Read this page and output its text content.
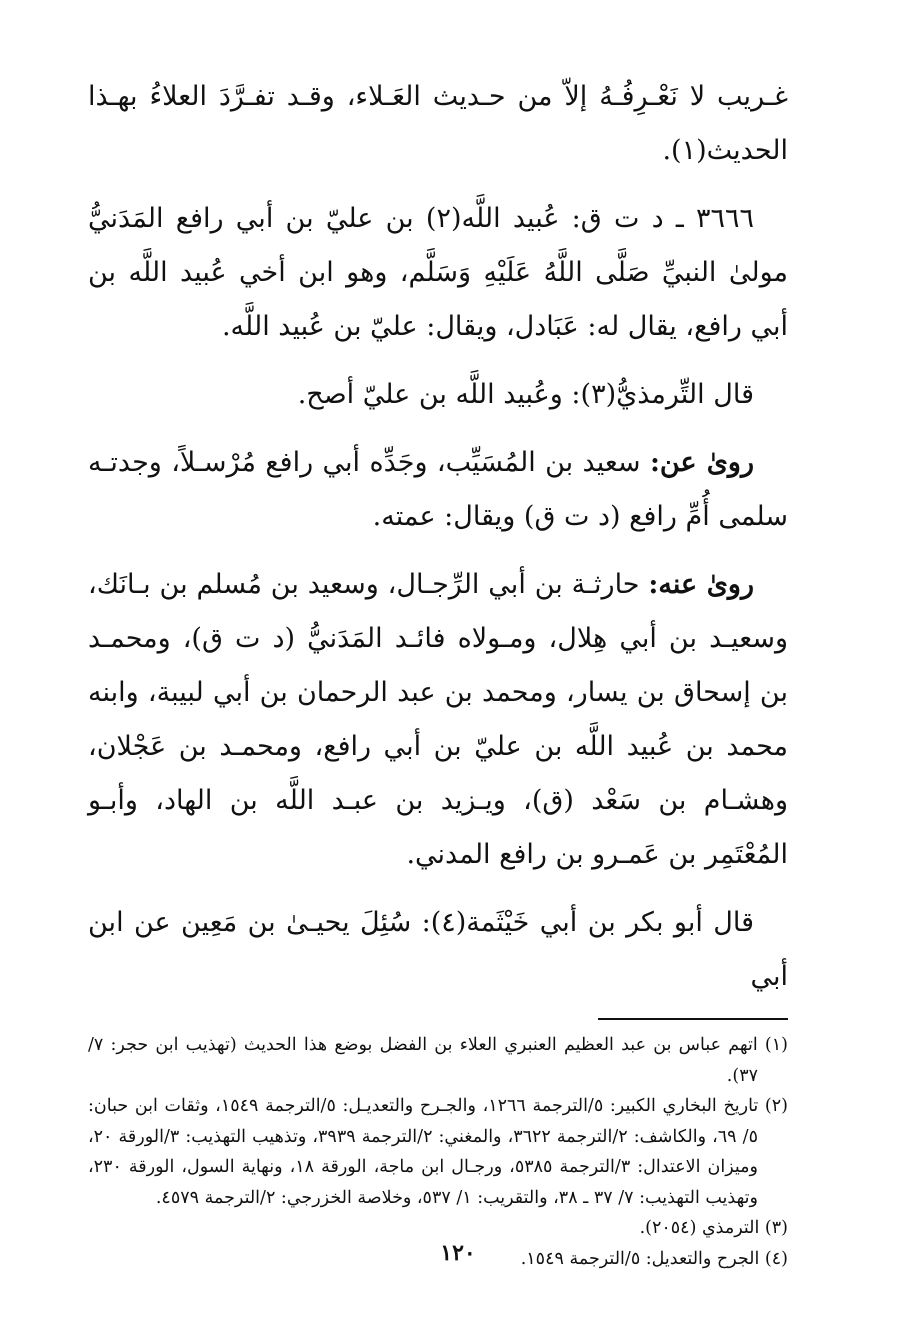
غـريب لا نَعْـرِفُـهُ إلاّ من حـديث العَـلاء، وقـد تفـرَّدَ العلاءُ بهـذا الحديث(١).

٣٦٦٦ ـ د ت ق: عُبيد اللَّه(٢) بن عليّ بن أبي رافع المَدَنيُّ مولىٰ النبيِّ صَلَّى اللَّهُ عَلَيْهِ وَسَلَّم، وهو ابن أخي عُبيد اللَّه بن أبي رافع، يقال له: عَبَادل، ويقال: عليّ بن عُبيد اللَّه.

قال التِّرمذيُّ(٣): وعُبيد اللَّه بن عليّ أصح.

روىٰ عن: سعيد بن المُسَيِّب، وجَدِّه أبي رافع مُرْسـلاً، وجدتـه سلمى أُمِّ رافع (د ت ق) ويقال: عمته.

روىٰ عنه: حارثـة بن أبي الرِّجـال، وسعيد بن مُسلم بن بـانَك، وسعيـد بن أبي هِلال، ومـولاه فائـد المَدَنيُّ (د ت ق)، ومحمـد بن إسحاق بن يسار، ومحمد بن عبد الرحمان بن أبي لبيبة، وابنه محمد بن عُبيد اللَّه بن عليّ بن أبي رافع، ومحمـد بن عَجْلان، وهشـام بن سَعْد (ق)، ويـزيد بن عبـد اللَّه بن الهاد، وأبـو المُعْتَمِر بن عَمـرو بن رافع المدني.

قال أبو بكر بن أبي خَيْثَمة(٤): سُئِلَ يحيـىٰ بن مَعِين عن ابن أبي

(١) اتهم عباس بن عبد العظيم العنبري العلاء بن الفضل بوضع هذا الحديث (تهذيب ابن حجر: ٧/ ٣٧).

(٢) تاريخ البخاري الكبير: ٥/الترجمة ١٢٦٦، والجـرح والتعديـل: ٥/الترجمة ١٥٤٩، وثقات ابن حبان: ٥/ ٦٩، والكاشف: ٢/الترجمة ٣٦٢٢، والمغني: ٢/الترجمة ٣٩٣٩، وتذهيب التهذيب: ٣/الورقة ٢٠، وميزان الاعتدال: ٣/الترجمة ٥٣٨٥، ورجـال ابن ماجة، الورقة ١٨، ونهاية السول، الورقة ٢٣٠، وتهذيب التهذيب: ٧/ ٣٧ ـ ٣٨، والتقريب: ١/ ٥٣٧، وخلاصة الخزرجي: ٢/الترجمة ٤٥٧٩.

(٣) الترمذي (٢٠٥٤).

(٤) الجرح والتعديل: ٥/الترجمة ١٥٤٩.

١٢٠
